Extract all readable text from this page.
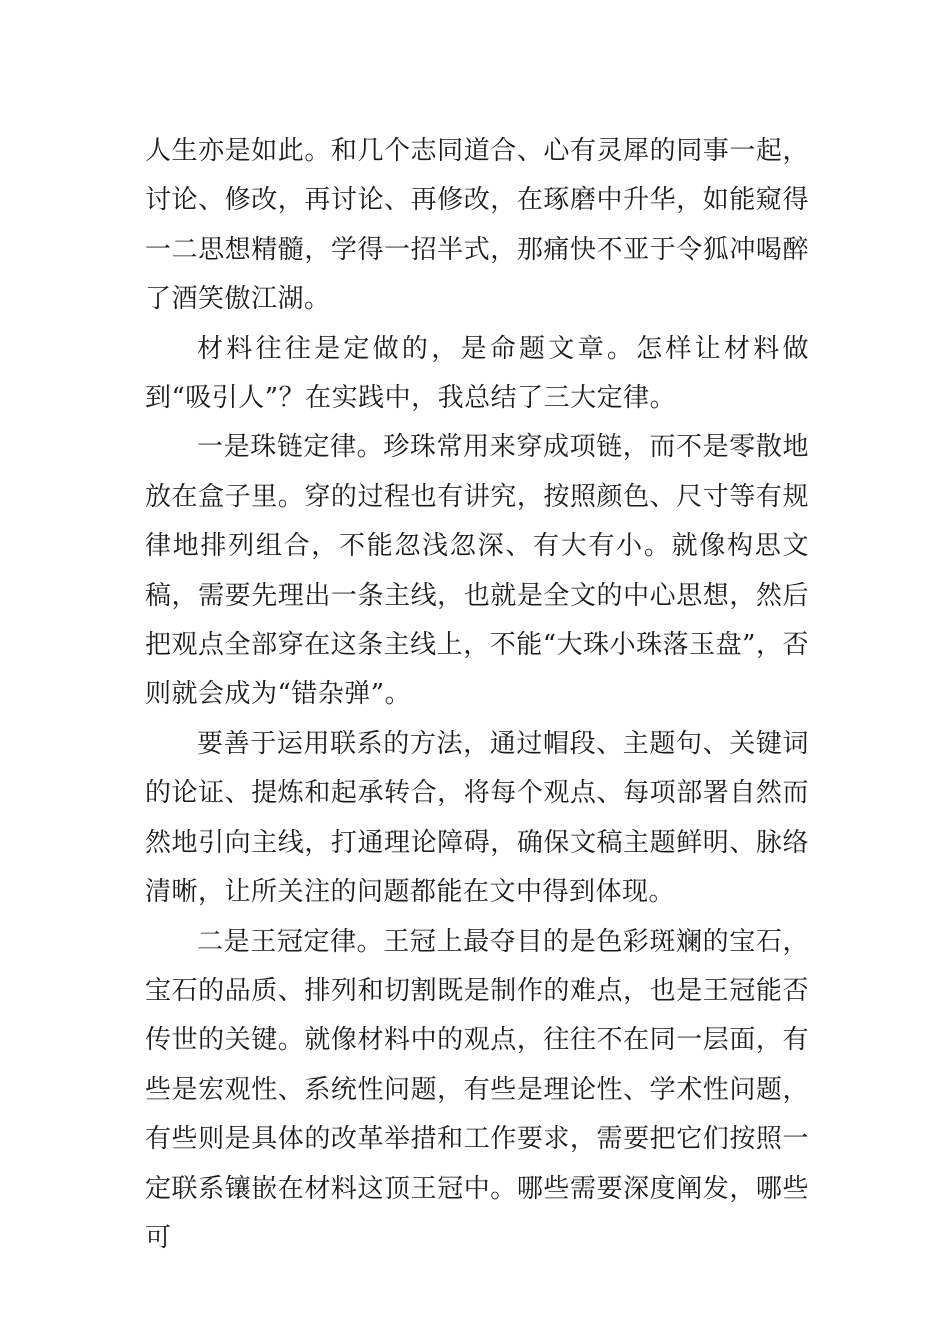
人生亦是如此。和几个志同道合、心有灵犀的同事一起，讨论、修改，再讨论、再修改，在琢磨中升华，如能窥得一二思想精髓，学得一招半式，那痛快不亚于令狐冲喝醉了酒笑傲江湖。

材料往往是定做的，是命题文章。怎样让材料做到“吸引人”？在实践中，我总结了三大定律。

一是珠链定律。珍珠常用来穿成项链，而不是零散地放在盒子里。穿的过程也有讲究，按照颜色、尺寸等有规律地排列组合，不能忽浅忽深、有大有小。就像构思文稿，需要先理出一条主线，也就是全文的中心思想，然后把观点全部穿在这条主线上，不能“大珠小珠落玉盘”，否则就会成为“错杂弹”。

要善于运用联系的方法，通过帽段、主题句、关键词的论证、提炼和起承转合，将每个观点、每项部署自然而然地引向主线，打通理论障碍，确保文稿主题鲜明、脉络清晰，让所关注的问题都能在文中得到体现。

二是王冠定律。王冠上最夺目的是色彩斑斓的宝石，宝石的品质、排列和切割既是制作的难点，也是王冠能否传世的关键。就像材料中的观点，往往不在同一层面，有些是宏观性、系统性问题，有些是理论性、学术性问题，有些则是具体的改革举措和工作要求，需要把它们按照一定联系镶嵌在材料这顶王冠中。哪些需要深度阐发，哪些可
